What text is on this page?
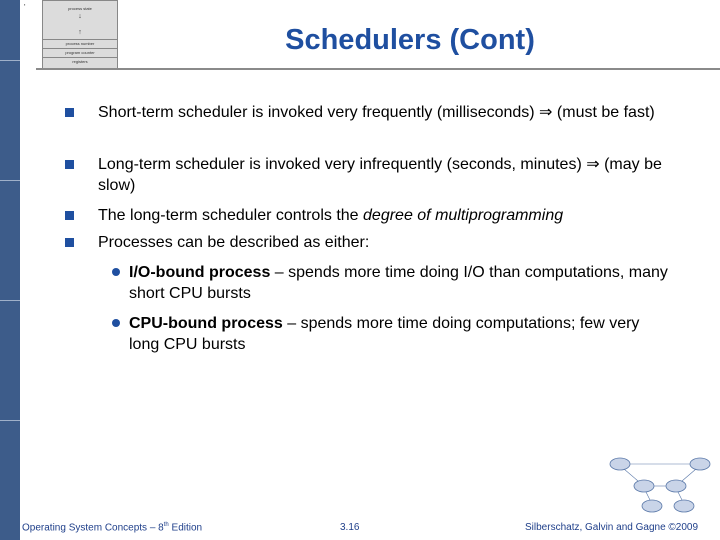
▪
process state
↓
↑
process number
program counter
registers
Schedulers (Cont)
Short-term scheduler is invoked very frequently (milliseconds) ⇒ (must be fast)
Long-term scheduler is invoked very infrequently (seconds, minutes) ⇒ (may be slow)
The long-term scheduler controls the degree of multiprogramming
Processes can be described as either:
I/O-bound process – spends more time doing I/O than computations, many short CPU bursts
CPU-bound process – spends more time doing computations; few very long CPU bursts
Operating System Concepts – 8th Edition	3.16	Silberschatz, Galvin and Gagne ©2009
